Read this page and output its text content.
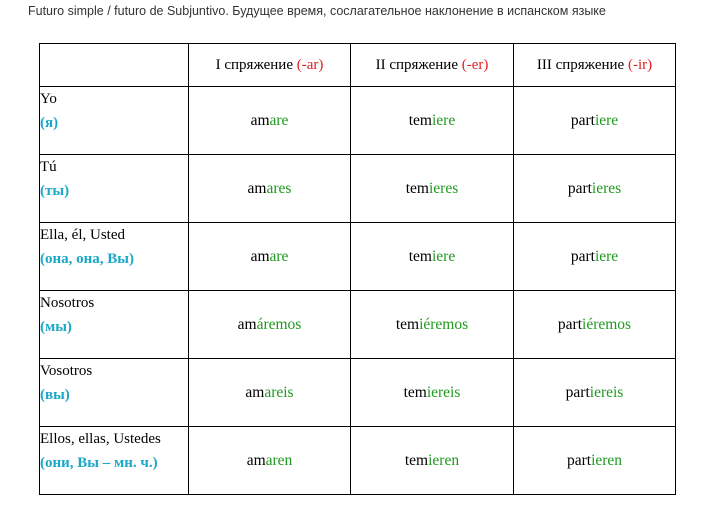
Futuro simple / futuro de Subjuntivo. Будущее время, сослагательное наклонение в испанском языке
	I спряжение (-ar)	II спряжение (-er)	III спряжение (-ir)

Yo
(я)	amare	temiere	partiere

Tú
(ты)	amares	temieres	partieres

Ella, él, Usted
(она, она, Вы)	amare	temiere	partiere

Nosotros
(мы)	amáremos	temiéremos	partiéremos

Vosotros
(вы)	amareis	temiereis	partiereis

Ellos, ellas, Ustedes
(они, Вы – мн. ч.)	amaren	temieren	partieren
